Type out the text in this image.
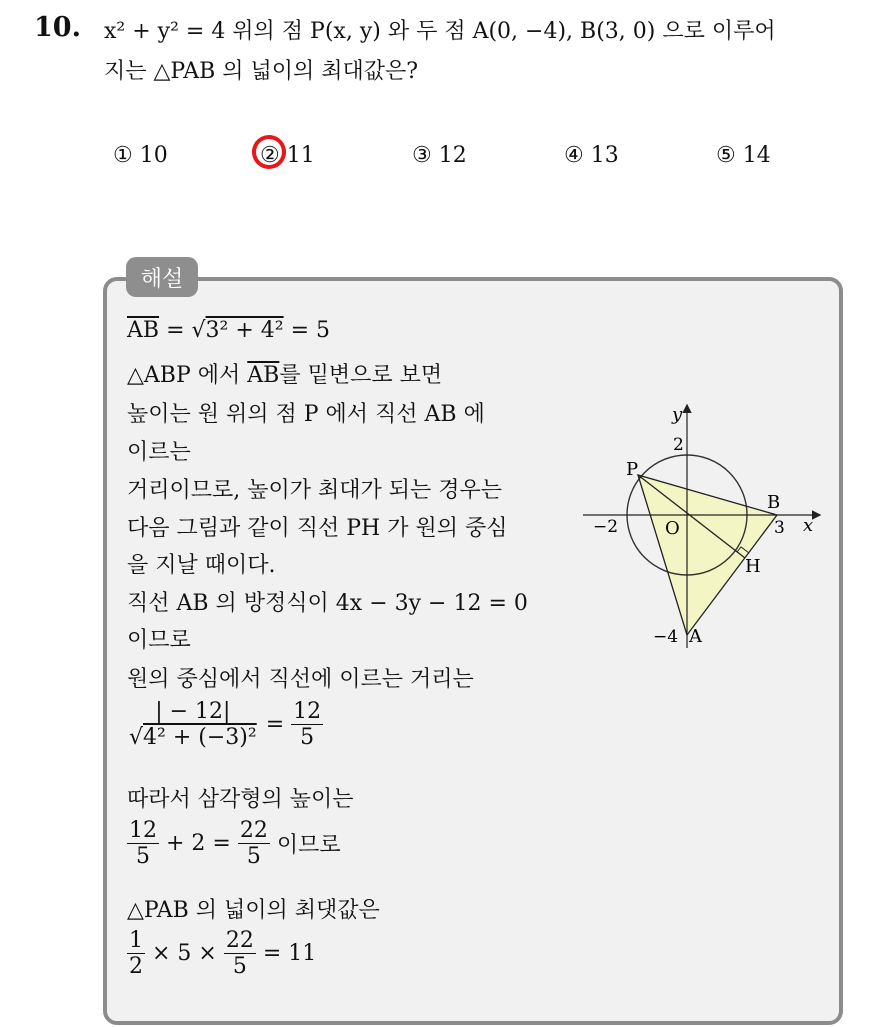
10. x² + y² = 4 위의 점 P(x, y) 와 두 점 A(0, −4), B(3, 0) 으로 이루어
지는 △PAB 의 넓이의 최대값은?
① 10	② 11	③ 12	④ 13	⑤ 14
해설
$\overline{AB} = √3^2 + 4^2 = 5$
△ABP 에서 $\overline{AB}$를 밑변으로 보면
높이는 원 위의 점 P 에서 직선 AB 에
이르는
거리이므로, 높이가 최대가 되는 경우는
다음 그림과 같이 직선 PH 가 원의 중심
을 지날 때이다.
직선 AB 의 방정식이 4x − 3y − 12 = 0
이므로
원의 중심에서 직선에 이르는 거리는
$\frac{| - 12|}{\text{√4² + (−3)²}} = \frac{12}{5}$
따라서 삼각형의 높이는
$\frac{12}{5} + 2 = \frac{22}{5}$ 이므로
△PAB 의 넓이의 최댓값은
$\frac{1}{2} \times 5 \times \frac{22}{5} = 11$
y
x
2
−2	3
−4
O
P
B
A
H
